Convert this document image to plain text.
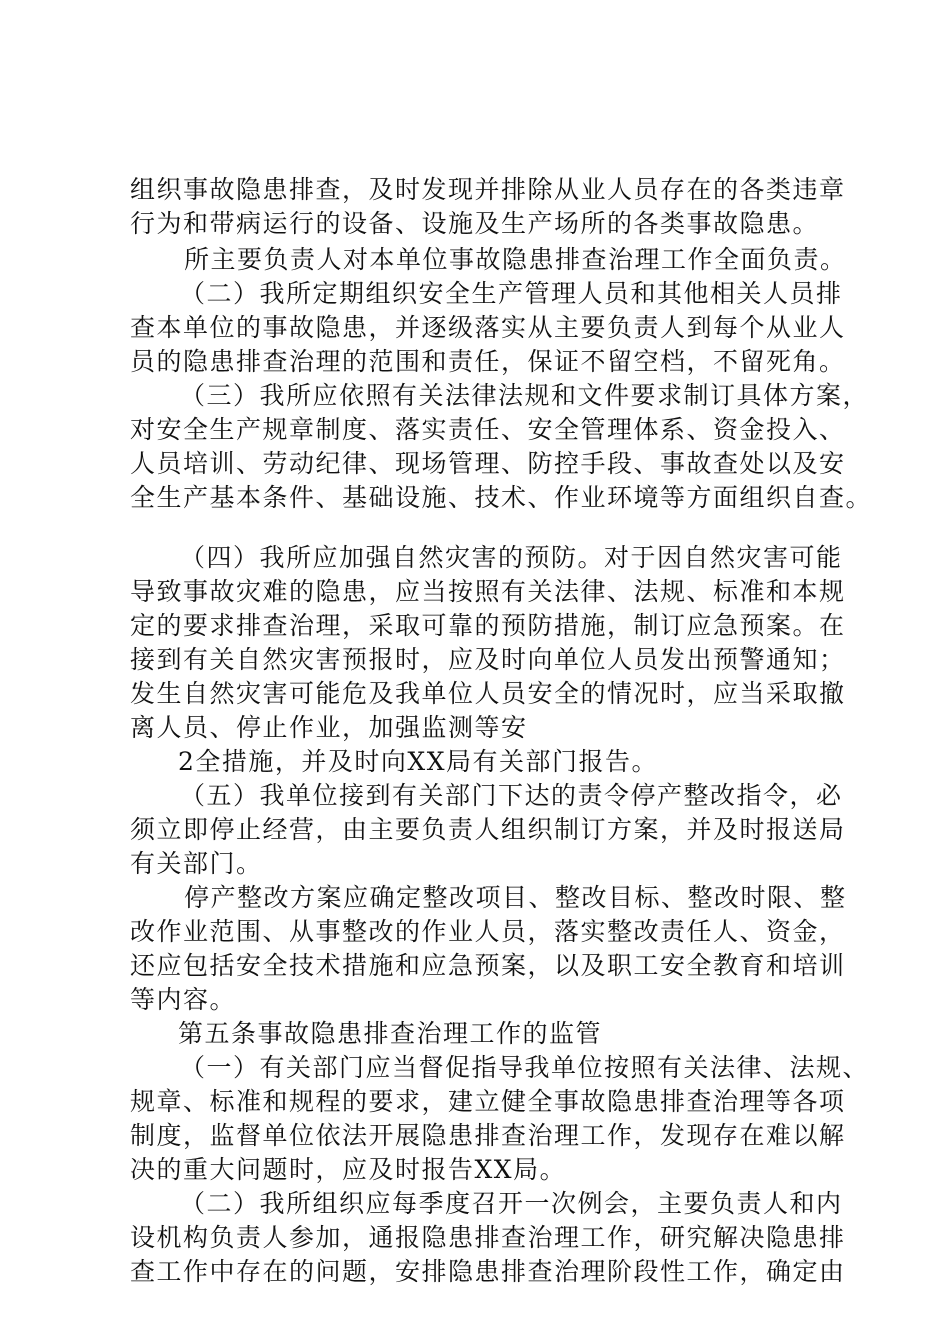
组织事故隐患排查，及时发现并排除从业人员存在的各类违章

行为和带病运行的设备、设施及生产场所的各类事故隐患。

所主要负责人对本单位事故隐患排查治理工作全面负责。

（二）我所定期组织安全生产管理人员和其他相关人员排

查本单位的事故隐患，并逐级落实从主要负责人到每个从业人

员的隐患排查治理的范围和责任，保证不留空档，不留死角。

（三）我所应依照有关法律法规和文件要求制订具体方案，

对安全生产规章制度、落实责任、安全管理体系、资金投入、

人员培训、劳动纪律、现场管理、防控手段、事故查处以及安

全生产基本条件、基础设施、技术、作业环境等方面组织自查。

（四）我所应加强自然灾害的预防。对于因自然灾害可能

导致事故灾难的隐患，应当按照有关法律、法规、标准和本规

定的要求排查治理，采取可靠的预防措施，制订应急预案。在

接到有关自然灾害预报时，应及时向单位人员发出预警通知；

发生自然灾害可能危及我单位人员安全的情况时，应当采取撤

离人员、停止作业，加强监测等安

2全措施，并及时向XX局有关部门报告。

（五）我单位接到有关部门下达的责令停产整改指令，必

须立即停止经营，由主要负责人组织制订方案，并及时报送局

有关部门。

停产整改方案应确定整改项目、整改目标、整改时限、整

改作业范围、从事整改的作业人员，落实整改责任人、资金，

还应包括安全技术措施和应急预案，以及职工安全教育和培训

等内容。

第五条事故隐患排查治理工作的监管

（一）有关部门应当督促指导我单位按照有关法律、法规、

规章、标准和规程的要求，建立健全事故隐患排查治理等各项

制度，监督单位依法开展隐患排查治理工作，发现存在难以解

决的重大问题时，应及时报告XX局。

（二）我所组织应每季度召开一次例会，主要负责人和内

设机构负责人参加，通报隐患排查治理工作，研究解决隐患排

查工作中存在的问题，安排隐患排查治理阶段性工作，确定由
